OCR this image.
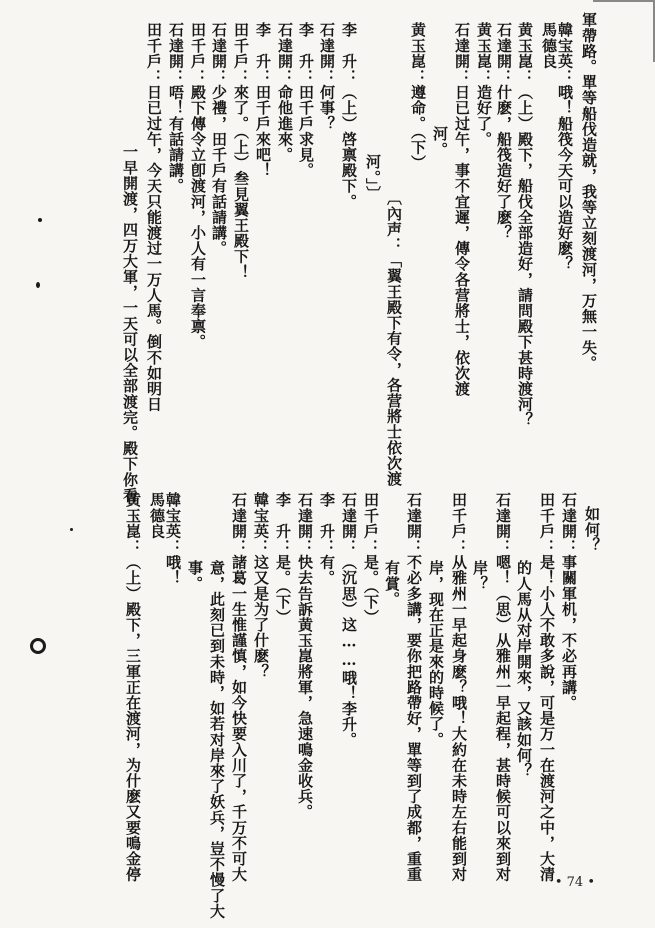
軍帶路。單等船伐造就，我等立刻渡河，万無一失。

韓宝英：哦！船筏今天可以造好麽？

馬德良

黄玉崑：（上）殿下，船伐全部造好，請問殿下甚時渡河？

石達開：什麽，船筏造好了麽？

黄玉崑：造好了。

石達開：日已过午，事不宜遲，傳令各营將士，依次渡

河。

黄玉崑：遵命。（下）

〔內声：「翼王殿下有令，各营將士依次渡

河。」〕

李　升：（上）啓禀殿下。

石達開：何事？

李　升：田千戶求見。

石達開：命他進來。

李　升：田千戶來吧！

田千戶：來了。（上）叁見翼王殿下！

石達開：少禮，田千戶有話請講。

田千戶：殿下傳令立卽渡河，小人有一言奉禀。

石達開：唔！有話請講。

田千戶：日已过午，今天只能渡过一万人馬。倒不如明日

一早開渡，四万大軍，一天可以全部渡完。殿下你看

如何？

石達開：事關軍机，不必再講。

田千戶：是！小人不敢多說，可是万一在渡河之中，大清

的人馬从对岸開來，又該如何？

石達開：嗯！（思）从雅州一早起程，甚時候可以來到对

岸？

田千戶：从雅州一早起身麽？哦！大約在未時左右能到对

岸，现在正是來的時候了。

石達開：不必多講，要你把路帶好，單等到了成都，重重

有賞。

田千戶：是。（下）

石達開：（沉思）这……哦！李升。

李　升：有。

石達開：快去告訴黄玉崑將軍，急速鳴金收兵。

李　升：是。（下）

韓宝英：这又是为了什麽？

石達開：諸葛一生惟謹慎，如今快要入川了，千万不可大

意，此刻已到未時，如若对岸來了妖兵，豈不慢了大

事。

韓宝英：哦！

馬德良

黄玉崑：（上）殿下，三軍正在渡河，为什麽又要鳴金停

• 74 •
